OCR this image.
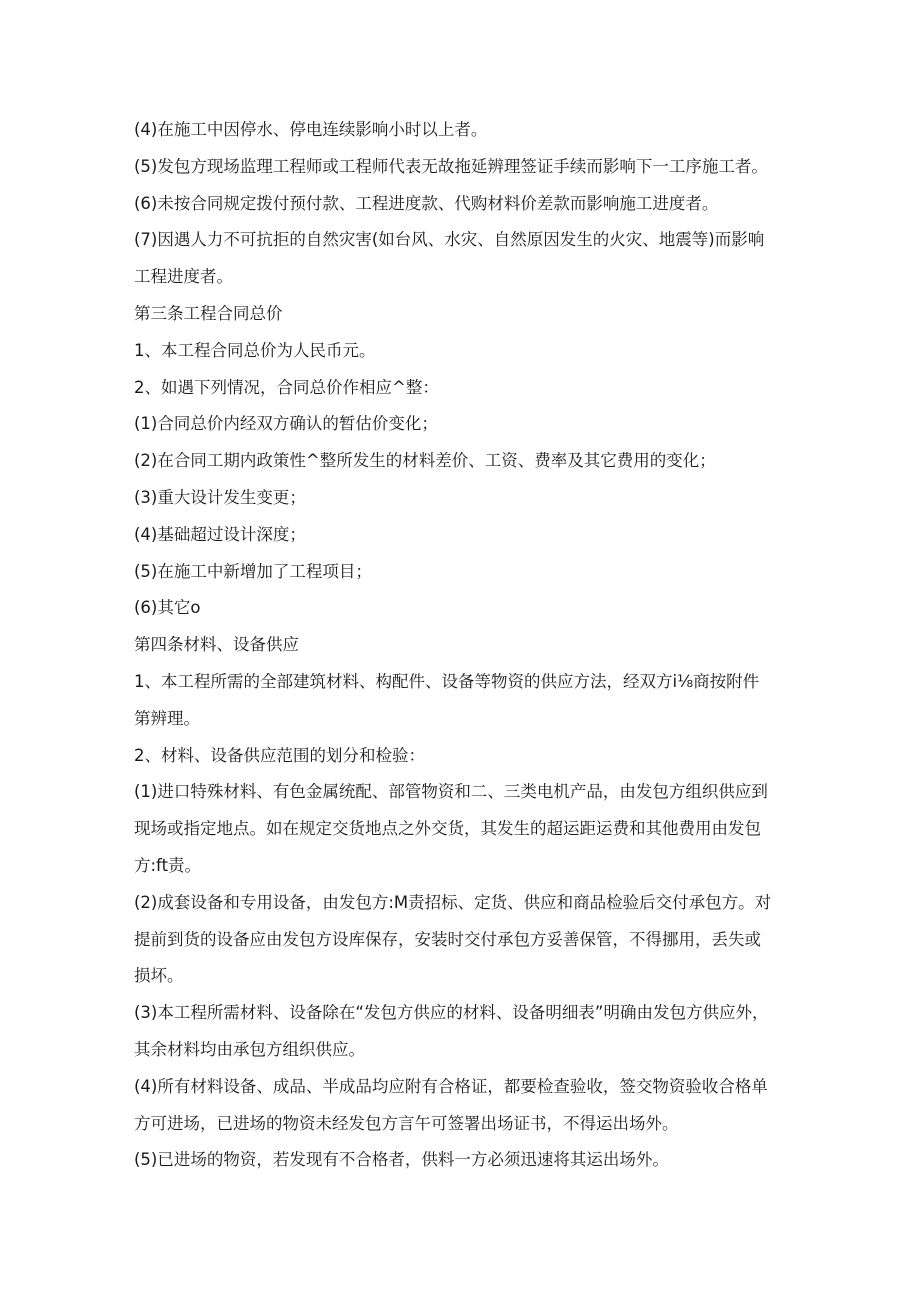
(4)在施工中因停水、停电连续影响小时以上者。
(5)发包方现场监理工程师或工程师代表无故拖延辨理签证手续而影响下一工序施工者。
(6)未按合同规定拨付预付款、工程进度款、代购材料价差款而影响施工进度者。
(7)因遇人力不可抗拒的自然灾害(如台风、水灾、自然原因发生的火灾、地震等)而影响
工程进度者。
第三条工程合同总价
1、本工程合同总价为人民币元。
2、如遇下列情况，合同总价作相应^整：
(1)合同总价内经双方确认的暂估价变化；
(2)在合同工期内政策性^整所发生的材料差价、工资、费率及其它费用的变化；
(3)重大设计发生变更；
(4)基础超过设计深度；
(5)在施工中新增加了工程项目；
(6)其它o
第四条材料、设备供应
1、本工程所需的全部建筑材料、构配件、设备等物资的供应方法，经双方i⅛商按附件
第辨理。
2、材料、设备供应范围的划分和检验：
(1)进口特殊材料、有色金属统配、部管物资和二、三类电机产品，由发包方组织供应到
现场或指定地点。如在规定交货地点之外交货，其发生的超运距运费和其他费用由发包
方:ft责。
(2)成套设备和专用设备，由发包方:M责招标、定货、供应和商品检验后交付承包方。对
提前到货的设备应由发包方设库保存，安装时交付承包方妥善保管，不得挪用，丢失或
损坏。
(3)本工程所需材料、设备除在“发包方供应的材料、设备明细表”明确由发包方供应外，
其余材料均由承包方组织供应。
(4)所有材料设备、成品、半成品均应附有合格证，都要检查验收，签交物资验收合格单
方可进场，已进场的物资未经发包方言午可签署出场证书，不得运出场外。
(5)已进场的物资，若发现有不合格者，供料一方必须迅速将其运出场外。
